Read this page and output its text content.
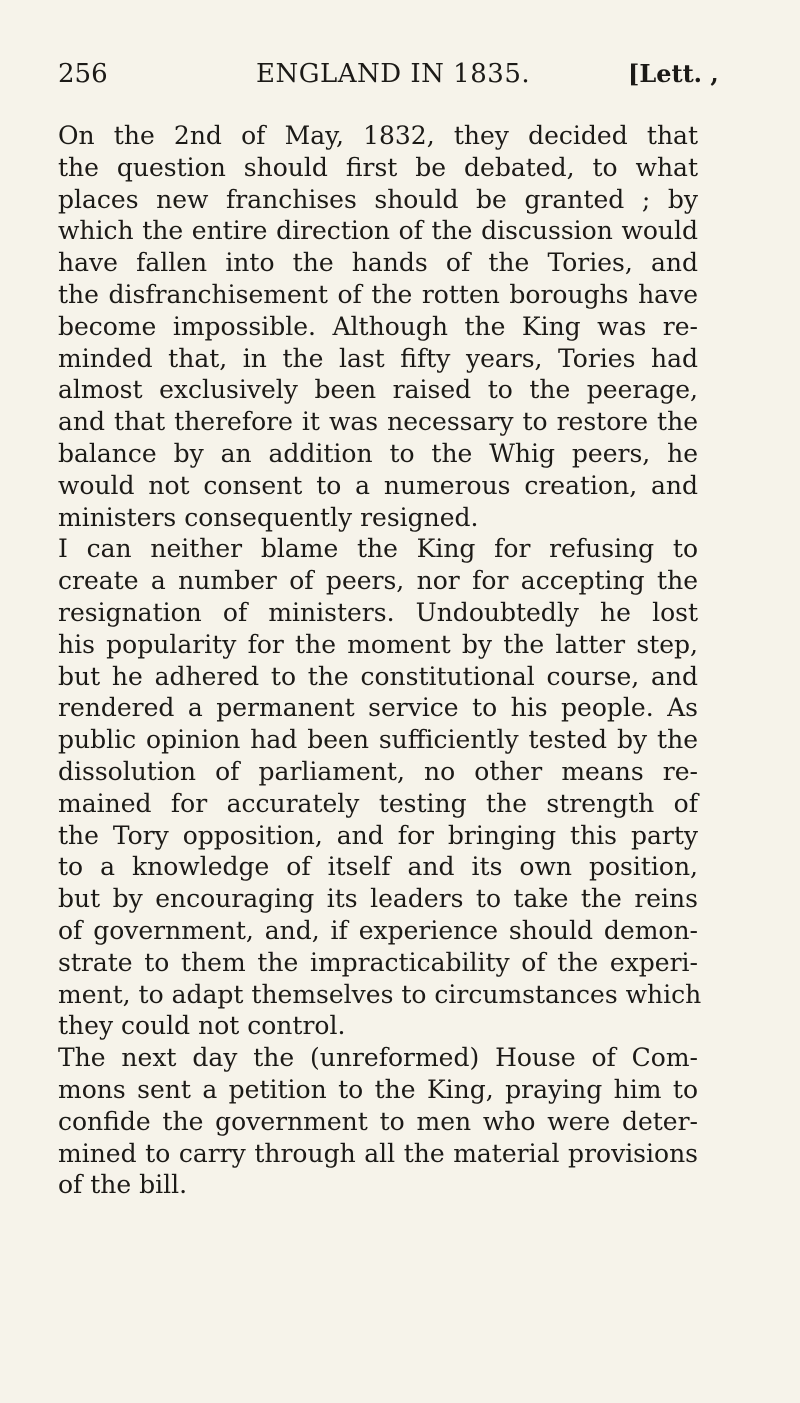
256	ENGLAND IN 1835.	[Lett. ,
On the 2nd of May, 1832, they decided that
the question should first be debated, to what
places new franchises should be granted ; by
which the entire direction of the discussion would
have fallen into the hands of the Tories, and
the disfranchisement of the rotten boroughs have
become impossible. Although the King was re-
minded that, in the last fifty years, Tories had
almost exclusively been raised to the peerage,
and that therefore it was necessary to restore the
balance by an addition to the Whig peers, he
would not consent to a numerous creation, and
ministers consequently resigned.
I can neither blame the King for refusing to
create a number of peers, nor for accepting the
resignation of ministers. Undoubtedly he lost
his popularity for the moment by the latter step,
but he adhered to the constitutional course, and
rendered a permanent service to his people. As
public opinion had been sufficiently tested by the
dissolution of parliament, no other means re-
mained for accurately testing the strength of
the Tory opposition, and for bringing this party
to a knowledge of itself and its own position,
but by encouraging its leaders to take the reins
of government, and, if experience should demon-
strate to them the impracticability of the experi-
ment, to adapt themselves to circumstances which
they could not control.
The next day the (unreformed) House of Com-
mons sent a petition to the King, praying him to
confide the government to men who were deter-
mined to carry through all the material provisions
of the bill.
